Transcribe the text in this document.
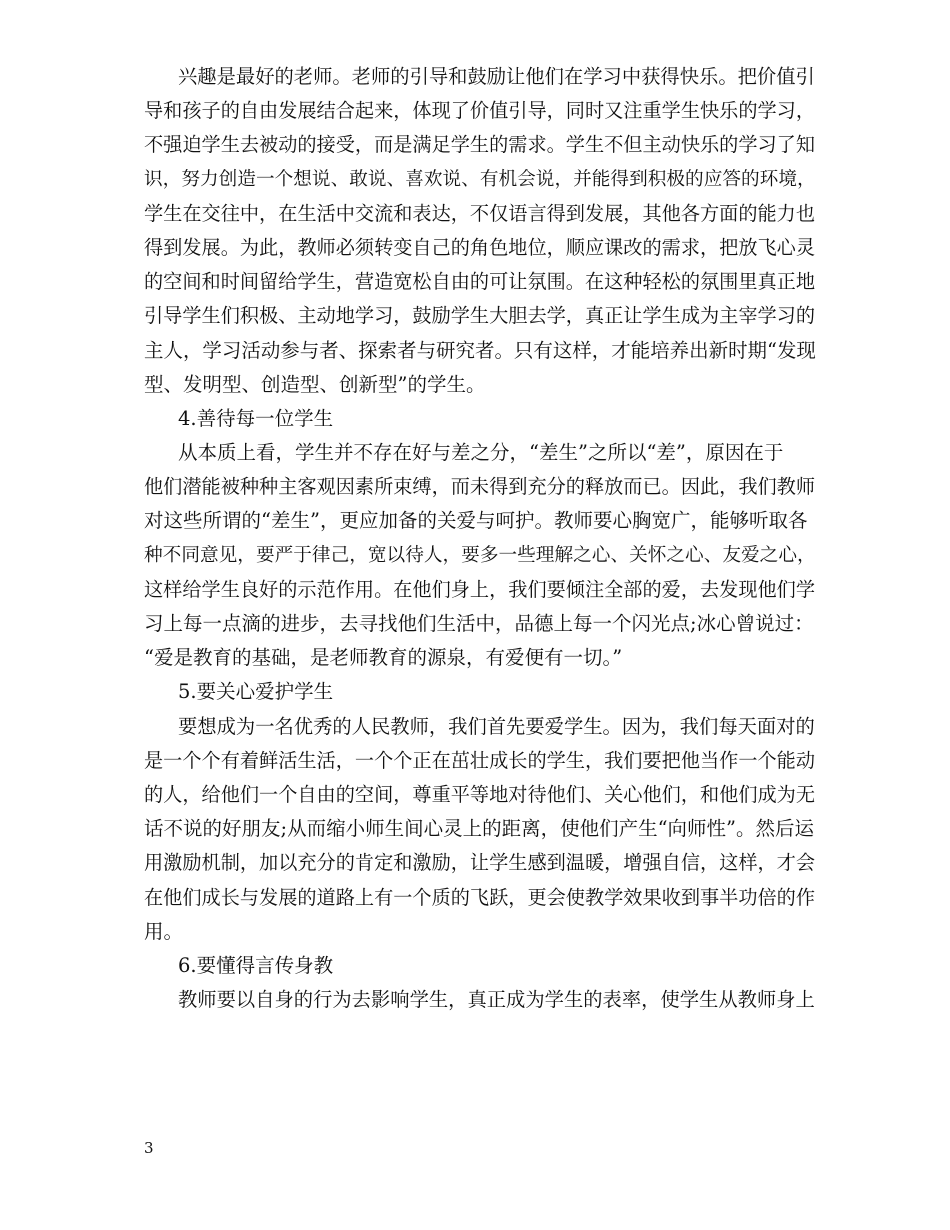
兴趣是最好的老师。老师的引导和鼓励让他们在学习中获得快乐。把价值引
导和孩子的自由发展结合起来，体现了价值引导，同时又注重学生快乐的学习，
不强迫学生去被动的接受，而是满足学生的需求。学生不但主动快乐的学习了知
识，努力创造一个想说、敢说、喜欢说、有机会说，并能得到积极的应答的环境，
学生在交往中，在生活中交流和表达，不仅语言得到发展，其他各方面的能力也
得到发展。为此，教师必须转变自己的角色地位，顺应课改的需求，把放飞心灵
的空间和时间留给学生，营造宽松自由的可让氛围。在这种轻松的氛围里真正地
引导学生们积极、主动地学习，鼓励学生大胆去学，真正让学生成为主宰学习的
主人，学习活动参与者、探索者与研究者。只有这样，才能培养出新时期“发现
型、发明型、创造型、创新型”的学生。
4.善待每一位学生
从本质上看，学生并不存在好与差之分，“差生”之所以“差”，原因在于
他们潜能被种种主客观因素所束缚，而未得到充分的释放而已。因此，我们教师
对这些所谓的“差生”，更应加备的关爱与呵护。教师要心胸宽广，能够听取各
种不同意见，要严于律己，宽以待人，要多一些理解之心、关怀之心、友爱之心，
这样给学生良好的示范作用。在他们身上，我们要倾注全部的爱，去发现他们学
习上每一点滴的进步，去寻找他们生活中，品德上每一个闪光点;冰心曾说过：
“爱是教育的基础，是老师教育的源泉，有爱便有一切。”
5.要关心爱护学生
要想成为一名优秀的人民教师，我们首先要爱学生。因为，我们每天面对的
是一个个有着鲜活生活，一个个正在茁壮成长的学生，我们要把他当作一个能动
的人，给他们一个自由的空间，尊重平等地对待他们、关心他们，和他们成为无
话不说的好朋友;从而缩小师生间心灵上的距离，使他们产生“向师性”。然后运
用激励机制，加以充分的肯定和激励，让学生感到温暖，增强自信，这样，才会
在他们成长与发展的道路上有一个质的飞跃，更会使教学效果收到事半功倍的作
用。
6.要懂得言传身教
教师要以自身的行为去影响学生，真正成为学生的表率，使学生从教师身上
3
